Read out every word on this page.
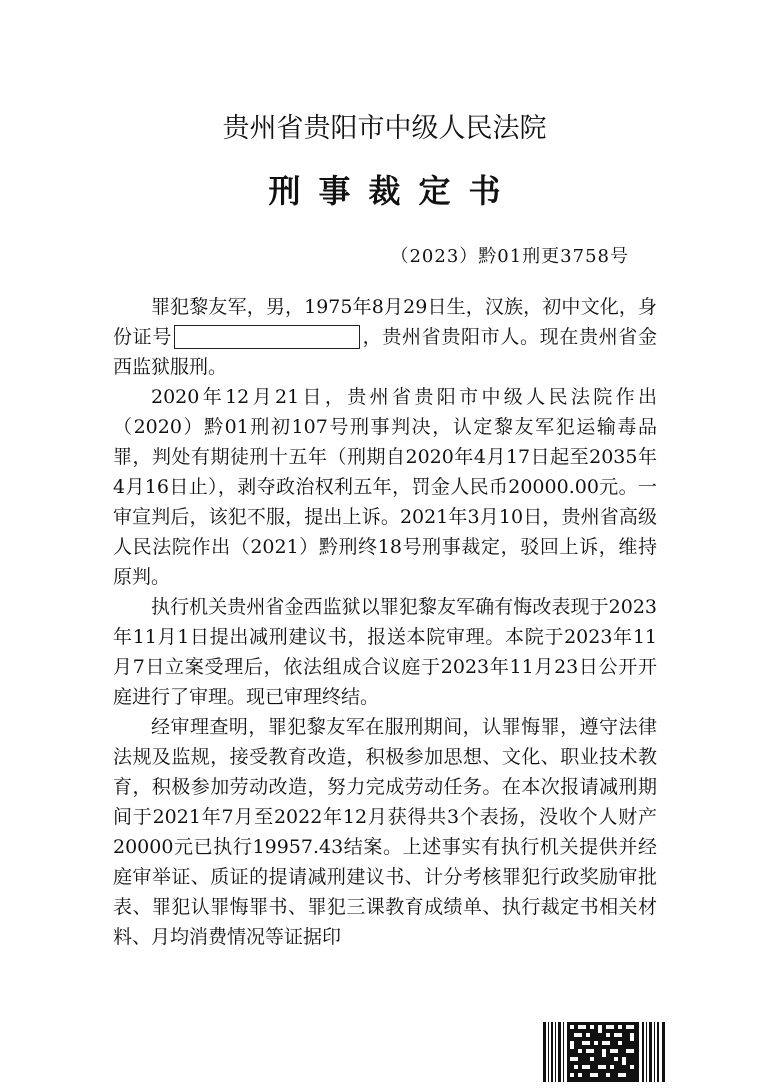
贵州省贵阳市中级人民法院
刑事裁定书
（2023）黔01刑更3758号

罪犯黎友军，男，1975年8月29日生，汉族，初中文化，身份证号	，贵州省贵阳市人。现在贵州省金西监狱服刑。

2020年12月21日，贵州省贵阳市中级人民法院作出（2020）黔01刑初107号刑事判决，认定黎友军犯运输毒品罪，判处有期徒刑十五年（刑期自2020年4月17日起至2035年4月16日止），剥夺政治权利五年，罚金人民币20000.00元。一审宣判后，该犯不服，提出上诉。2021年3月10日，贵州省高级人民法院作出（2021）黔刑终18号刑事裁定，驳回上诉，维持原判。

执行机关贵州省金西监狱以罪犯黎友军确有悔改表现于2023年11月1日提出减刑建议书，报送本院审理。本院于2023年11月7日立案受理后，依法组成合议庭于2023年11月23日公开开庭进行了审理。现已审理终结。

经审理查明，罪犯黎友军在服刑期间，认罪悔罪，遵守法律法规及监规，接受教育改造，积极参加思想、文化、职业技术教育，积极参加劳动改造，努力完成劳动任务。在本次报请减刑期间于2021年7月至2022年12月获得共3个表扬，没收个人财产20000元已执行19957.43结案。上述事实有执行机关提供并经庭审举证、质证的提请减刑建议书、计分考核罪犯行政奖励审批表、罪犯认罪悔罪书、罪犯三课教育成绩单、执行裁定书相关材料、月均消费情况等证据印
